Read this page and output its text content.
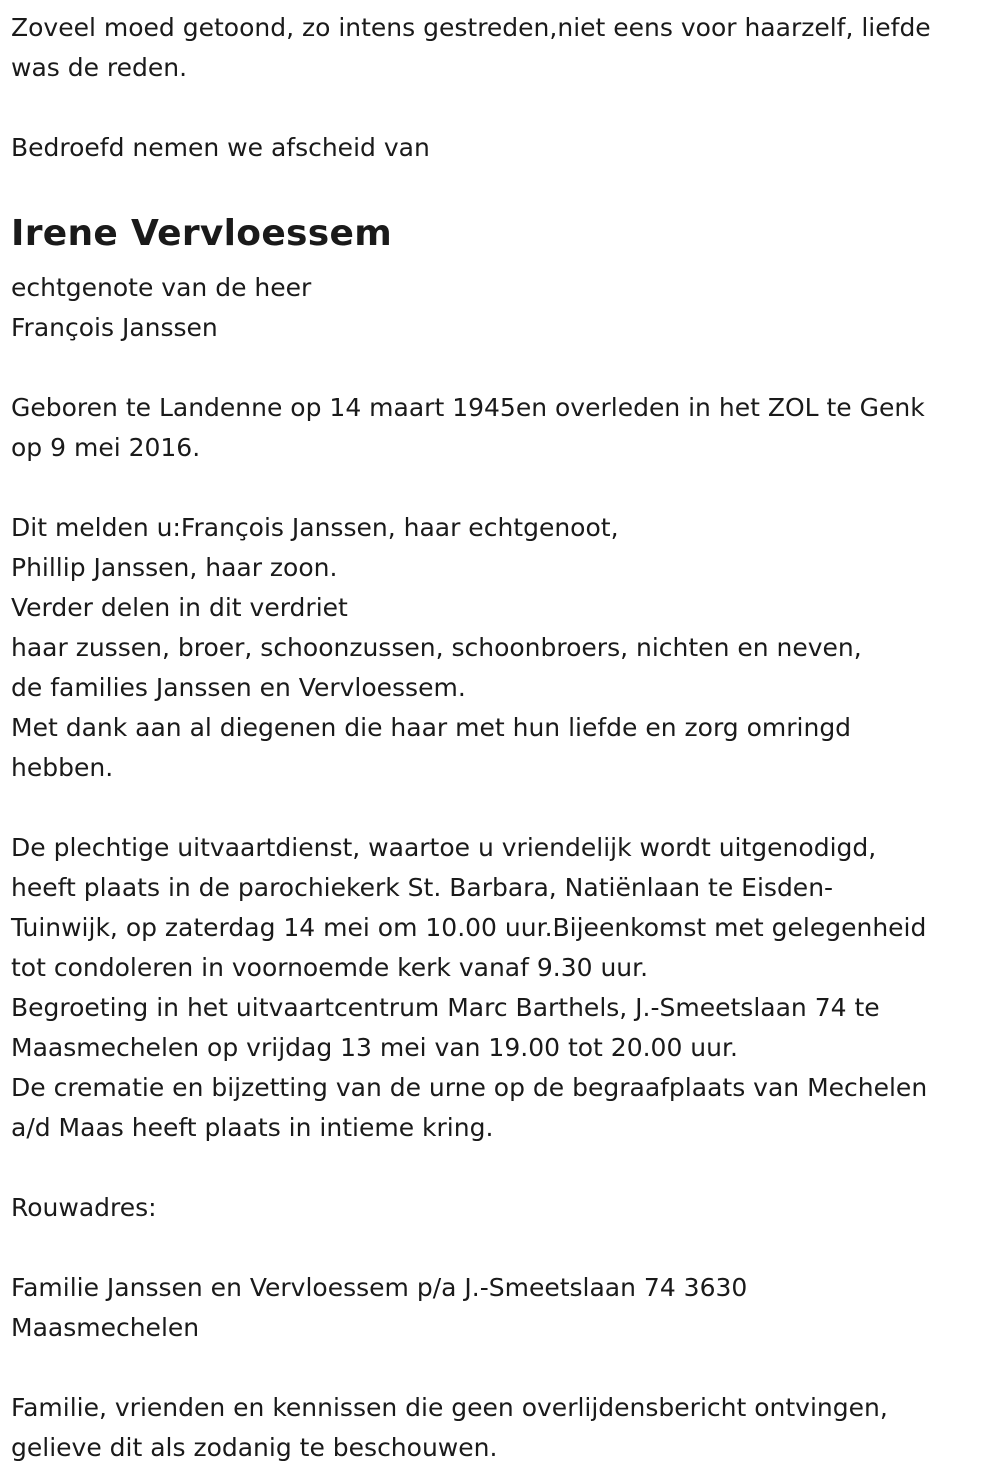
Zoveel moed getoond, zo intens gestreden,niet eens voor haarzelf, liefde
was de reden.

Bedroefd nemen we afscheid van

Irene Vervloessem

echtgenote van de heer
François Janssen

Geboren te Landenne op 14 maart 1945en overleden in het ZOL te Genk
op 9 mei 2016.

Dit melden u:François Janssen, haar echtgenoot,
Phillip Janssen, haar zoon.
Verder delen in dit verdriet
haar zussen, broer, schoonzussen, schoonbroers, nichten en neven,
de families Janssen en Vervloessem.
Met dank aan al diegenen die haar met hun liefde en zorg omringd
hebben.

De plechtige uitvaartdienst, waartoe u vriendelijk wordt uitgenodigd,
heeft plaats in de parochiekerk St. Barbara, Natiënlaan te Eisden-
Tuinwijk, op zaterdag 14 mei om 10.00 uur.Bijeenkomst met gelegenheid
tot condoleren in voornoemde kerk vanaf 9.30 uur.
Begroeting in het uitvaartcentrum Marc Barthels, J.-Smeetslaan 74 te
Maasmechelen op vrijdag 13 mei van 19.00 tot 20.00 uur.
De crematie en bijzetting van de urne op de begraafplaats van Mechelen
a/d Maas heeft plaats in intieme kring.

Rouwadres:

Familie Janssen en Vervloessem p/a J.-Smeetslaan 74 3630
Maasmechelen

Familie, vrienden en kennissen die geen overlijdensbericht ontvingen,
gelieve dit als zodanig te beschouwen.
